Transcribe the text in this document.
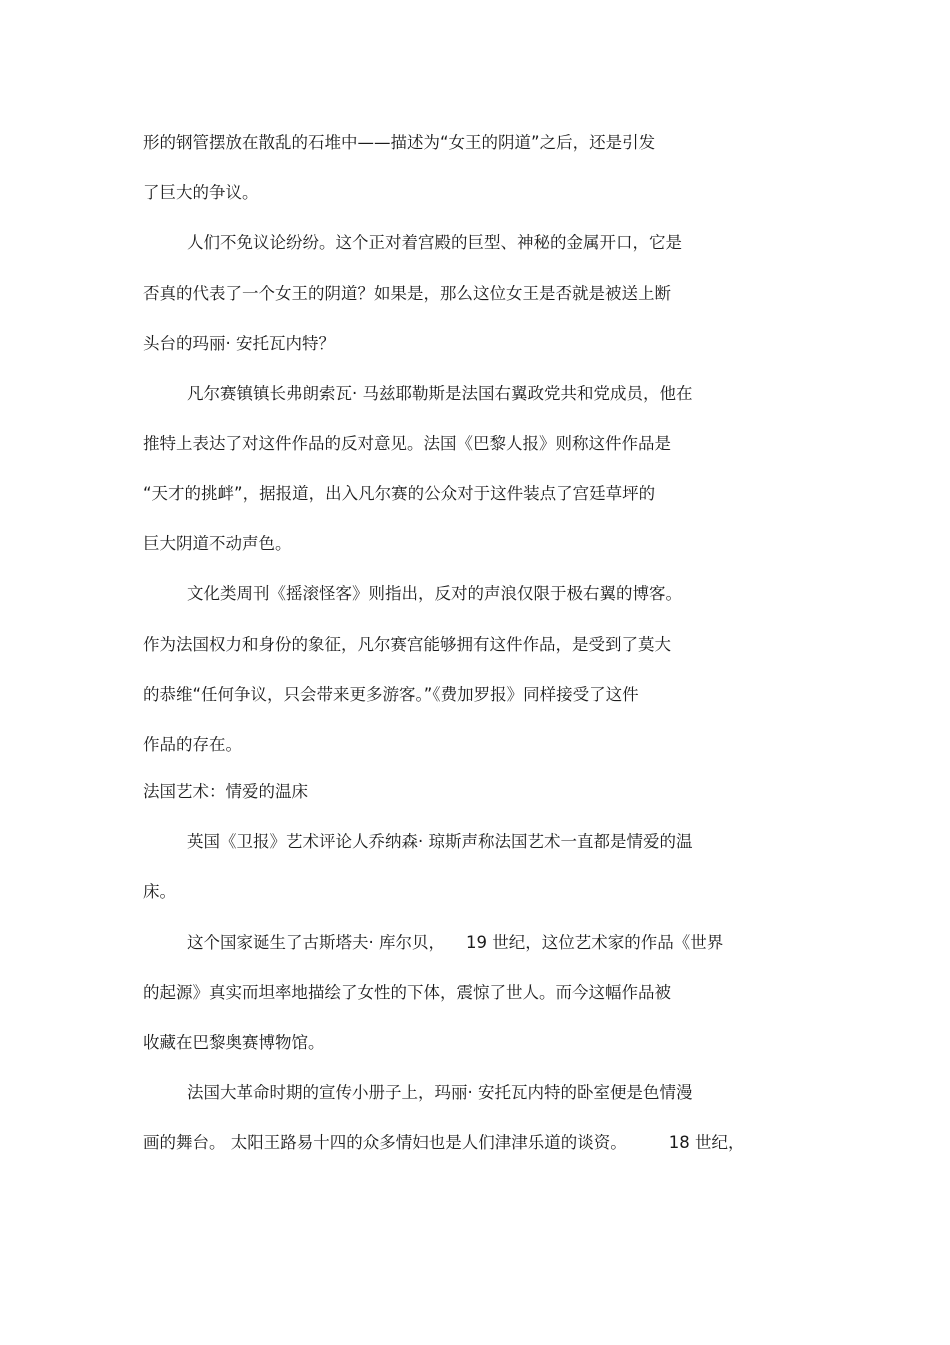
形的钢管摆放在散乱的石堆中——描述为“女王的阴道”之后，还是引发

了巨大的争议。

人们不免议论纷纷。这个正对着宫殿的巨型、神秘的金属开口，它是

否真的代表了一个女王的阴道？如果是，那么这位女王是否就是被送上断

头台的玛丽· 安托瓦内特？

凡尔赛镇镇长弗朗索瓦· 马兹耶勒斯是法国右翼政党共和党成员，他在

推特上表达了对这件作品的反对意见。法国《巴黎人报》则称这件作品是

“天才的挑衅”，据报道，出入凡尔赛的公众对于这件装点了宫廷草坪的

巨大阴道不动声色。

文化类周刊《摇滚怪客》则指出，反对的声浪仅限于极右翼的博客。

作为法国权力和身份的象征，凡尔赛宫能够拥有这件作品，是受到了莫大

的恭维“任何争议，只会带来更多游客。”《费加罗报》同样接受了这件

作品的存在。

法国艺术：情爱的温床

英国《卫报》艺术评论人乔纳森· 琼斯声称法国艺术一直都是情爱的温

床。

这个国家诞生了古斯塔夫· 库尔贝，    19 世纪，这位艺术家的作品《世界

的起源》真实而坦率地描绘了女性的下体，震惊了世人。而今这幅作品被

收藏在巴黎奥赛博物馆。

法国大革命时期的宣传小册子上，玛丽· 安托瓦内特的卧室便是色情漫

画的舞台。 太阳王路易十四的众多情妇也是人们津津乐道的谈资。        18 世纪，
